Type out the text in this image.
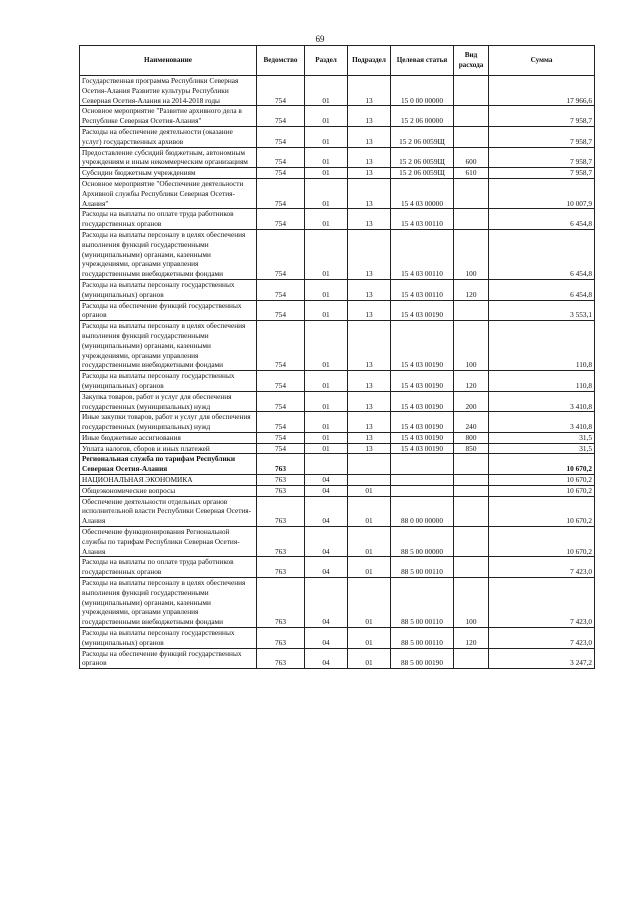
69
Наименование	Ведомство	Раздел	Подраздел	Целевая статья	Вид расхода	Сумма
Государственная программа Республики Северная Осетия-Алания Развитие культуры Республики Северная Осетия-Алания на 2014-2018 годы	754	01	13	15 0 00 00000		17 966,6
Основное мероприятие "Развитие архивного дела в Республике Северная Осетия-Алания"	754	01	13	15 2 06 00000		7 958,7
Расходы на обеспечение деятельности (оказание услуг) государственных архивов	754	01	13	15 2 06 0059Щ		7 958,7
Предоставление субсидий бюджетным, автономным учреждениям и иным некоммерческим организациям	754	01	13	15 2 06 0059Щ	600	7 958,7
Субсидии бюджетным учреждениям	754	01	13	15 2 06 0059Щ	610	7 958,7
Основное мероприятие "Обеспечение деятельности Архивной службы Республики Северная Осетия-Алания"	754	01	13	15 4 03 00000		10 007,9
Расходы на выплаты по оплате труда работников государственных органов	754	01	13	15 4 03 00110		6 454,8
Расходы на выплаты персоналу в целях обеспечения выполнения функций государственными (муниципальными) органами, казенными учреждениями, органами управления государственными внебюджетными фондами	754	01	13	15 4 03 00110	100	6 454,8
Расходы на выплаты персоналу государственных (муниципальных) органов	754	01	13	15 4 03 00110	120	6 454,8
Расходы на обеспечение функций государственных органов	754	01	13	15 4 03 00190		3 553,1
Расходы на выплаты персоналу в целях обеспечения выполнения функций государственными (муниципальными) органами, казенными учреждениями, органами управления государственными внебюджетными фондами	754	01	13	15 4 03 00190	100	110,8
Расходы на выплаты персоналу государственных (муниципальных) органов	754	01	13	15 4 03 00190	120	110,8
Закупка товаров, работ и услуг для обеспечения государственных (муниципальных) нужд	754	01	13	15 4 03 00190	200	3 410,8
Иные закупки товаров, работ и услуг для обеспечения государственных (муниципальных) нужд	754	01	13	15 4 03 00190	240	3 410,8
Иные бюджетные ассигнования	754	01	13	15 4 03 00190	800	31,5
Уплата налогов, сборов и иных платежей	754	01	13	15 4 03 00190	850	31,5
Региональная служба по тарифам Республики Северная Осетия-Алания	763					10 670,2
НАЦИОНАЛЬНАЯ ЭКОНОМИКА	763	04				10 670,2
Общеэкономические вопросы	763	04	01			10 670,2
Обеспечение деятельности отдельных органов исполнительной власти Республики Северная Осетия-Алания	763	04	01	88 0 00 00000		10 670,2
Обеспечение функционирования Региональной службы по тарифам Республики Северная Осетия-Алания	763	04	01	88 5 00 00000		10 670,2
Расходы на выплаты по оплате труда работников государственных органов	763	04	01	88 5 00 00110		7 423,0
Расходы на выплаты персоналу в целях обеспечения выполнения функций государственными (муниципальными) органами, казенными учреждениями, органами управления государственными внебюджетными фондами	763	04	01	88 5 00 00110	100	7 423,0
Расходы на выплаты персоналу государственных (муниципальных) органов	763	04	01	88 5 00 00110	120	7 423,0
Расходы на обеспечение функций государственных органов	763	04	01	88 5 00 00190		3 247,2
